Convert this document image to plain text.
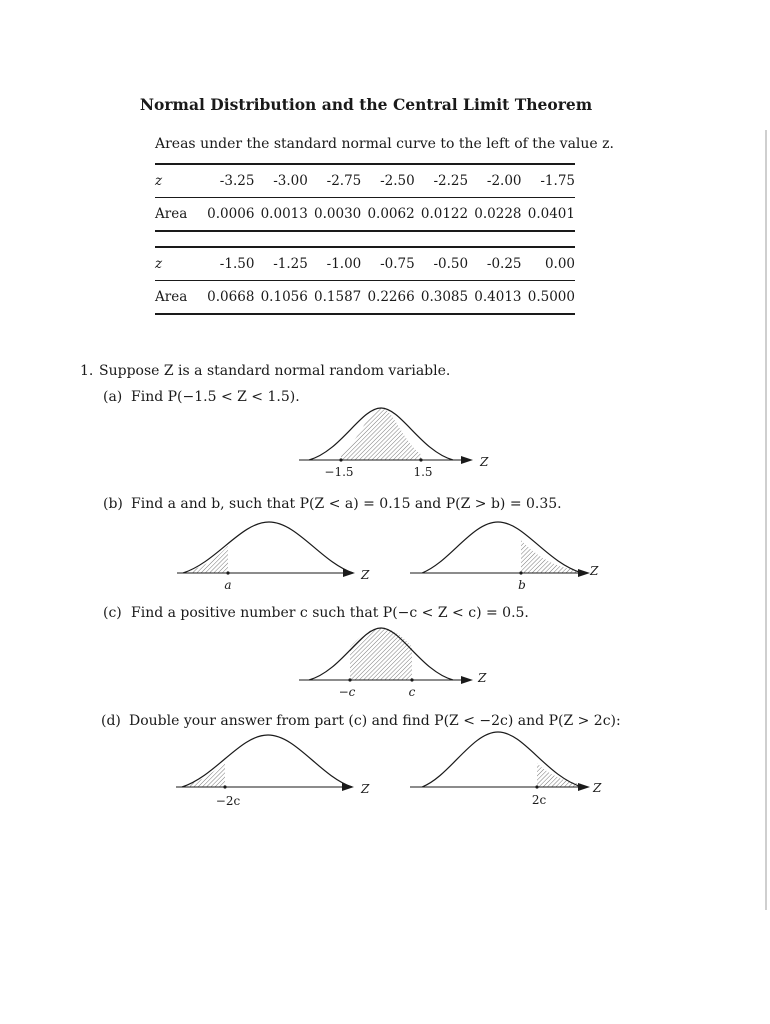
Normal Distribution and the Central Limit Theorem
Areas under the standard normal curve to the left of the value z.
z	-3.25	-3.00	-2.75	-2.50	-2.25	-2.00	-1.75
Area	0.0006	0.0013	0.0030	0.0062	0.0122	0.0228	0.0401
z	-1.50	-1.25	-1.00	-0.75	-0.50	-0.25	0.00
Area	0.0668	0.1056	0.1587	0.2266	0.3085	0.4013	0.5000
1. Suppose Z is a standard normal random variable.
(a) Find P(−1.5 < Z < 1.5).
(b) Find a and b, such that P(Z < a) = 0.15 and P(Z > b) = 0.35.
(c) Find a positive number c such that P(−c < Z < c) = 0.5.
(d) Double your answer from part (c) and find P(Z < −2c) and P(Z > 2c):
−1.5	1.5
Z
a
Z
b
Z
−c	c
Z
−2c
Z
2c
Z
